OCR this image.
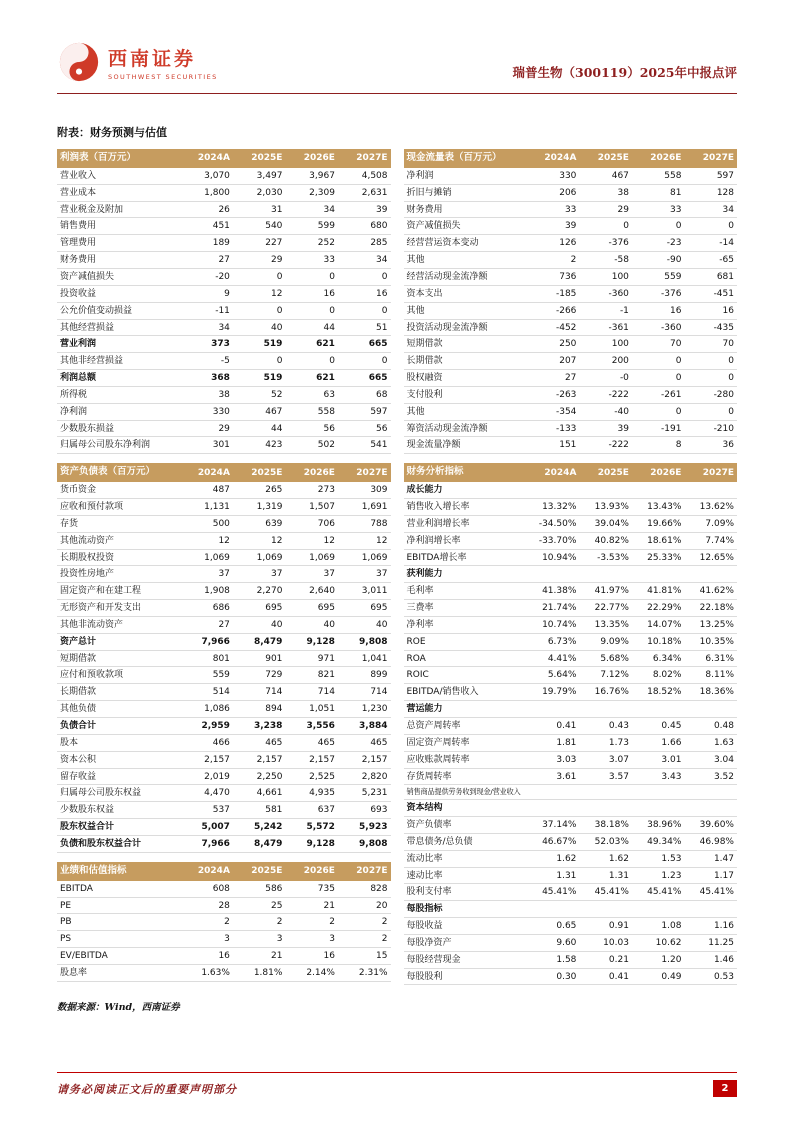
西南证券
SOUTHWEST SECURITIES	瑞普生物（300119）2025年中报点评
附表：财务预测与估值
利润表（百万元）	2024A	2025E	2026E	2027E
营业收入	3,070	3,497	3,967	4,508
营业成本	1,800	2,030	2,309	2,631
营业税金及附加	26	31	34	39
销售费用	451	540	599	680
管理费用	189	227	252	285
财务费用	27	29	33	34
资产减值损失	-20	0	0	0
投资收益	9	12	16	16
公允价值变动损益	-11	0	0	0
其他经营损益	34	40	44	51
营业利润	373	519	621	665
其他非经营损益	-5	0	0	0
利润总额	368	519	621	665
所得税	38	52	63	68
净利润	330	467	558	597
少数股东损益	29	44	56	56
归属母公司股东净利润	301	423	502	541
资产负债表（百万元）	2024A	2025E	2026E	2027E
货币资金	487	265	273	309
应收和预付款项	1,131	1,319	1,507	1,691
存货	500	639	706	788
其他流动资产	12	12	12	12
长期股权投资	1,069	1,069	1,069	1,069
投资性房地产	37	37	37	37
固定资产和在建工程	1,908	2,270	2,640	3,011
无形资产和开发支出	686	695	695	695
其他非流动资产	27	40	40	40
资产总计	7,966	8,479	9,128	9,808
短期借款	801	901	971	1,041
应付和预收款项	559	729	821	899
长期借款	514	714	714	714
其他负债	1,086	894	1,051	1,230
负债合计	2,959	3,238	3,556	3,884
股本	466	465	465	465
资本公积	2,157	2,157	2,157	2,157
留存收益	2,019	2,250	2,525	2,820
归属母公司股东权益	4,470	4,661	4,935	5,231
少数股东权益	537	581	637	693
股东权益合计	5,007	5,242	5,572	5,923
负债和股东权益合计	7,966	8,479	9,128	9,808
业绩和估值指标	2024A	2025E	2026E	2027E
EBITDA	608	586	735	828
PE	28	25	21	20
PB	2	2	2	2
PS	3	3	3	2
EV/EBITDA	16	21	16	15
股息率	1.63%	1.81%	2.14%	2.31%
现金流量表（百万元）	2024A	2025E	2026E	2027E
净利润	330	467	558	597
折旧与摊销	206	38	81	128
财务费用	33	29	33	34
资产减值损失	39	0	0	0
经营营运资本变动	126	-376	-23	-14
其他	2	-58	-90	-65
经营活动现金流净额	736	100	559	681
资本支出	-185	-360	-376	-451
其他	-266	-1	16	16
投资活动现金流净额	-452	-361	-360	-435
短期借款	250	100	70	70
长期借款	207	200	0	0
股权融资	27	-0	0	0
支付股利	-263	-222	-261	-280
其他	-354	-40	0	0
筹资活动现金流净额	-133	39	-191	-210
现金流量净额	151	-222	8	36
财务分析指标	2024A	2025E	2026E	2027E
成长能力				
销售收入增长率	13.32%	13.93%	13.43%	13.62%
营业利润增长率	-34.50%	39.04%	19.66%	7.09%
净利润增长率	-33.70%	40.82%	18.61%	7.74%
EBITDA增长率	10.94%	-3.53%	25.33%	12.65%
获利能力				
毛利率	41.38%	41.97%	41.81%	41.62%
三费率	21.74%	22.77%	22.29%	22.18%
净利率	10.74%	13.35%	14.07%	13.25%
ROE	6.73%	9.09%	10.18%	10.35%
ROA	4.41%	5.68%	6.34%	6.31%
ROIC	5.64%	7.12%	8.02%	8.11%
EBITDA/销售收入	19.79%	16.76%	18.52%	18.36%
营运能力				
总资产周转率	0.41	0.43	0.45	0.48
固定资产周转率	1.81	1.73	1.66	1.63
应收账款周转率	3.03	3.07	3.01	3.04
存货周转率	3.61	3.57	3.43	3.52
销售商品提供劳务收到现金/营业收入				
资本结构				
资产负债率	37.14%	38.18%	38.96%	39.60%
带息债务/总负债	46.67%	52.03%	49.34%	46.98%
流动比率	1.62	1.62	1.53	1.47
速动比率	1.31	1.31	1.23	1.17
股利支付率	45.41%	45.41%	45.41%	45.41%
每股指标				
每股收益	0.65	0.91	1.08	1.16
每股净资产	9.60	10.03	10.62	11.25
每股经营现金	1.58	0.21	1.20	1.46
每股股利	0.30	0.41	0.49	0.53
数据来源：Wind，西南证券
请务必阅读正文后的重要声明部分	2
